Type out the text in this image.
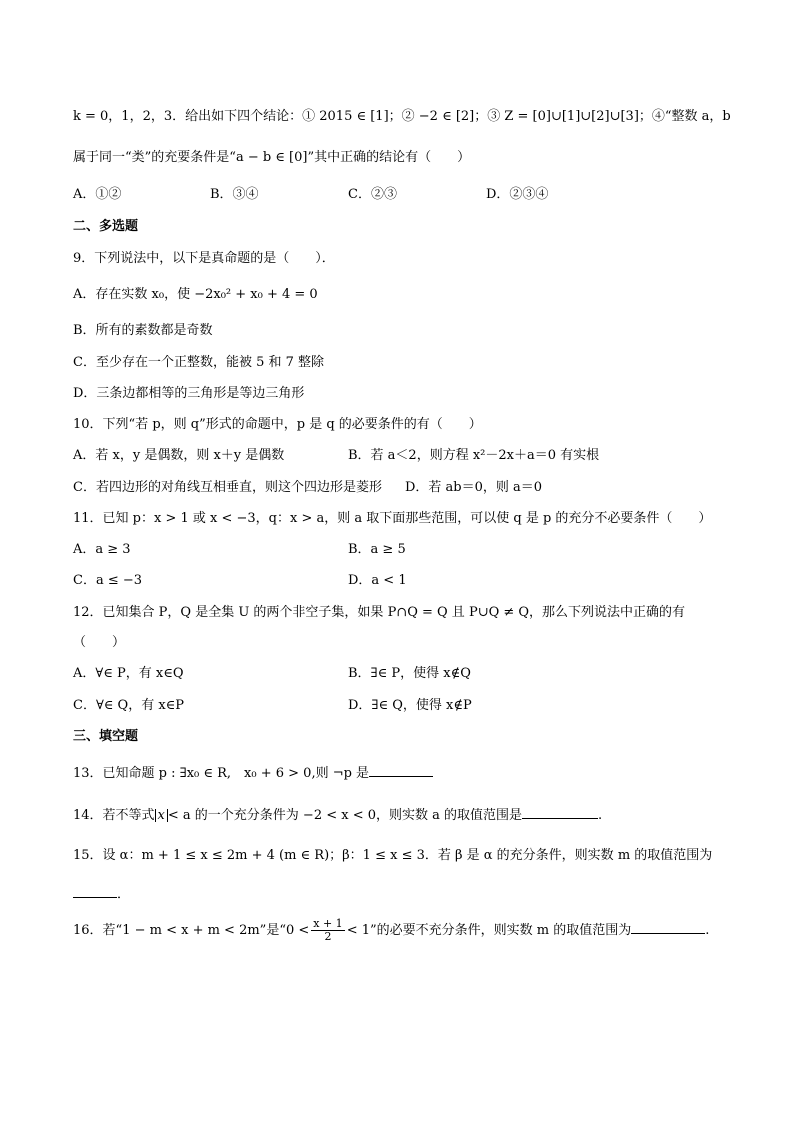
k = 0，1，2，3．给出如下四个结论：① 2015 ∈ [1]；② −2 ∈ [2]；③ Z = [0]∪[1]∪[2]∪[3]；④“整数 a，b
属于同一“类”的充要条件是“a − b ∈ [0]”其中正确的结论有（　　）
A．①②	B．③④	C．②③	D．②③④
二、多选题
9．下列说法中，以下是真命题的是（　　）．
A．存在实数 x₀，使 −2x₀² + x₀ + 4 = 0
B．所有的素数都是奇数
C．至少存在一个正整数，能被 5 和 7 整除
D．三条边都相等的三角形是等边三角形
10．下列“若 p，则 q”形式的命题中，p 是 q 的必要条件的有（　　）
A．若 x，y 是偶数，则 x＋y 是偶数	B．若 a＜2，则方程 x²－2x＋a＝0 有实根
C．若四边形的对角线互相垂直，则这个四边形是菱形 D．若 ab＝0，则 a＝0
11．已知 p：x > 1 或 x < −3，q：x > a，则 a 取下面那些范围，可以使 q 是 p 的充分不必要条件（　　）
A．a ≥ 3	B．a ≥ 5
C．a ≤ −3	D．a < 1
12．已知集合 P，Q 是全集 U 的两个非空子集，如果 P∩Q = Q 且 P∪Q ≠ Q，那么下列说法中正确的有
（　　）
A．∀∈ P，有 x∈Q	B．∃∈ P，使得 x∉Q
C．∀∈ Q，有 x∈P	D．∃∈ Q，使得 x∉P
三、填空题
13．已知命题 p : ∃x₀ ∈ R,　x₀ + 6 > 0,则 ¬p 是
14．若不等式 x < a 的一个充分条件为 −2 < x < 0，则实数 a 的取值范围是	.
15．设 α：m + 1 ≤ x ≤ 2m + 4 (m ∈ R)；β：1 ≤ x ≤ 3．若 β 是 α 的充分条件，则实数 m 的取值范围为
．
16．若“1 − m < x + m < 2m”是“$0 < \frac{x + 1}{2} < 1$”的必要不充分条件，则实数 m 的取值范围为	.
